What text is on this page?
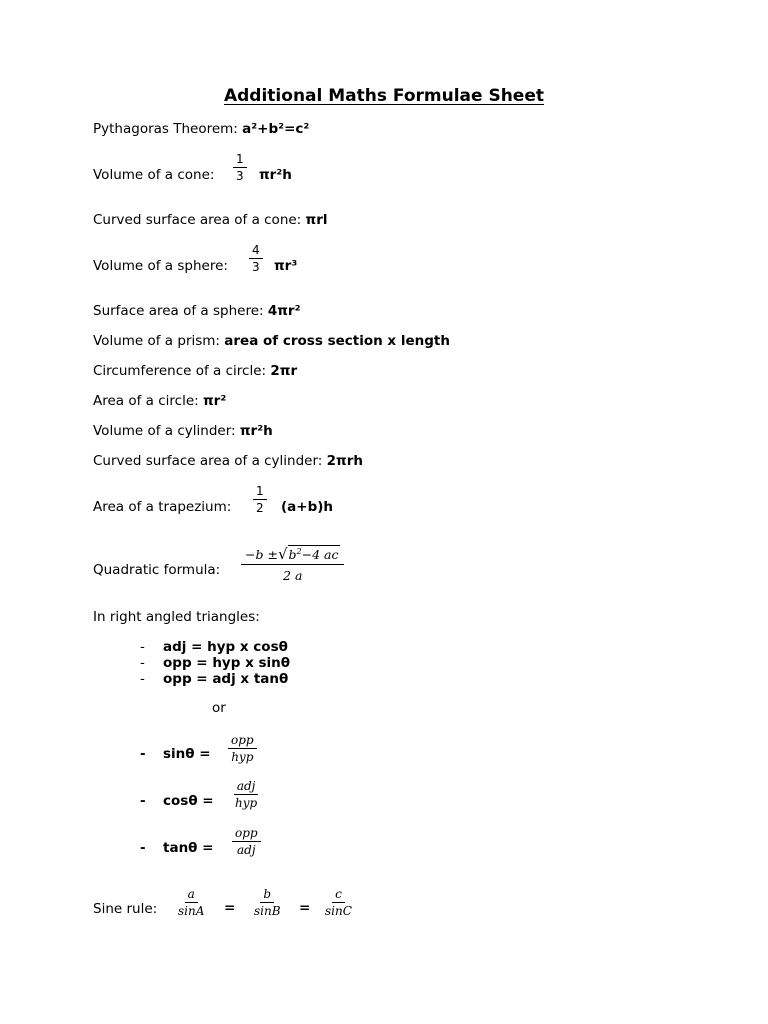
Additional Maths Formulae Sheet
Pythagoras Theorem: a²+b²=c²
Volume of a cone: $\frac{1}{3} \pi r^2h$
Curved surface area of a cone: πrl
Volume of a sphere: $\frac{4}{3} \pi r^3$
Surface area of a sphere: 4πr²
Volume of a prism: area of cross section x length
Circumference of a circle: 2πr
Area of a circle: πr²
Volume of a cylinder: πr²h
Curved surface area of a cylinder: 2πrh
Area of a trapezium: $\frac{1}{2} (a+b)h$
Quadratic formula: $\frac{-b \pm √ b^2-4 ac}{2 a}$
In right angled triangles:
- adj = hyp x cosθ
- opp = hyp x sinθ
- opp = adj x tanθ
or
- sinθ =
opp
hyp
- cosθ =
adj
hyp
- tanθ =
opp
adj
Sine rule: $\frac{a}{\sin A} = \frac{b}{\sin B} = \frac{c}{\sin C}$
